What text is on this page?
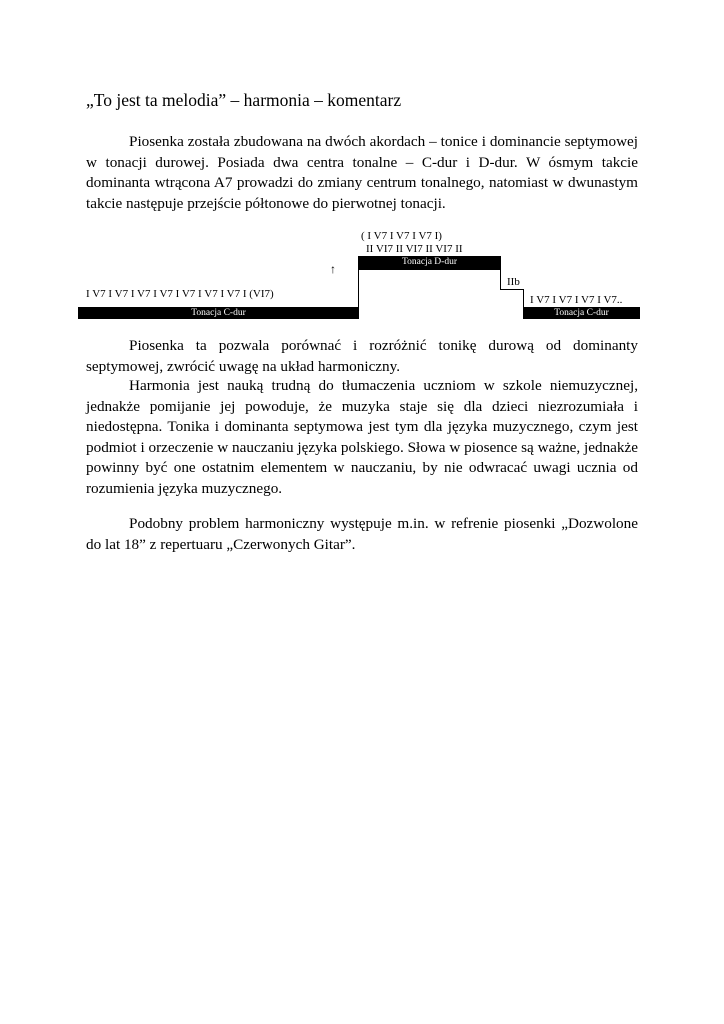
„To jest ta melodia” – harmonia – komentarz

Piosenka została zbudowana na dwóch akordach – tonice i dominancie septymowej w tonacji durowej. Posiada dwa centra tonalne – C-dur i D-dur. W ósmym takcie dominanta wtrącona A7 prowadzi do zmiany centrum tonalnego, natomiast w dwunastym takcie następuje przejście półtonowe do pierwotnej tonacji.

( I V7 I V7 I V7 I)
II VI7 II VI7 II VI7 II
Tonacja D-dur
↑
IIb
I V7 I V7 I V7 I V7 I V7 I V7 I V7 I (VI7)	I V7 I V7 I V7 I V7..
Tonacja C-dur	Tonacja C-dur

Piosenka ta pozwala porównać i rozróżnić tonikę durową od dominanty septymowej, zwrócić uwagę na układ harmoniczny.

Harmonia jest nauką trudną do tłumaczenia uczniom w szkole niemuzycznej, jednakże pomijanie jej powoduje, że muzyka staje się dla dzieci niezrozumiała i niedostępna. Tonika i dominanta septymowa jest tym dla języka muzycznego, czym jest podmiot i orzeczenie w nauczaniu języka polskiego. Słowa w piosence są ważne, jednakże powinny być one ostatnim elementem w nauczaniu, by nie odwracać uwagi ucznia od rozumienia języka muzycznego.

Podobny problem harmoniczny występuje m.in. w refrenie piosenki „Dozwolone do lat 18” z repertuaru „Czerwonych Gitar”.
